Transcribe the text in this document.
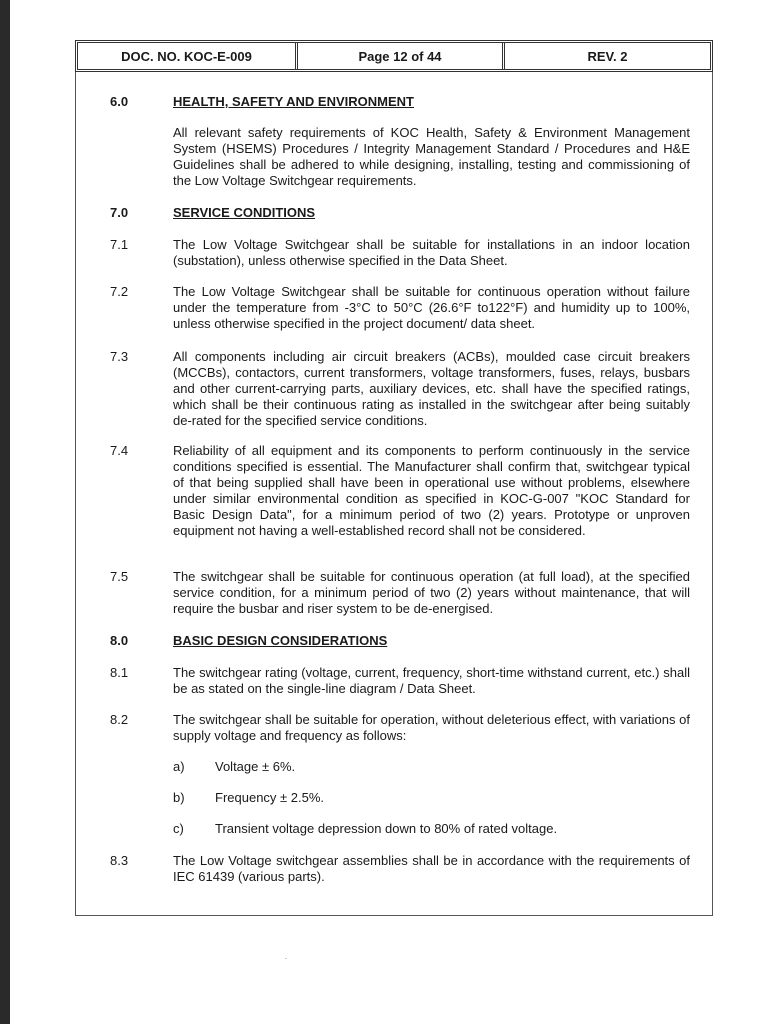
DOC. NO. KOC-E-009	Page 12 of 44	REV. 2
6.0	HEALTH, SAFETY AND ENVIRONMENT
All relevant safety requirements of KOC Health, Safety & Environment Management System (HSEMS) Procedures / Integrity Management Standard / Procedures and H&E Guidelines shall be adhered to while designing, installing, testing and commissioning of the Low Voltage Switchgear requirements.
7.0	SERVICE CONDITIONS
7.1	The Low Voltage Switchgear shall be suitable for installations in an indoor location (substation), unless otherwise specified in the Data Sheet.
7.2	The Low Voltage Switchgear shall be suitable for continuous operation without failure under the temperature from -3°C to 50°C (26.6°F to122°F) and humidity up to 100%, unless otherwise specified in the project document/ data sheet.
7.3	All components including air circuit breakers (ACBs), moulded case circuit breakers (MCCBs), contactors, current transformers, voltage transformers, fuses, relays, busbars and other current-carrying parts, auxiliary devices, etc. shall have the specified ratings, which shall be their continuous rating as installed in the switchgear after being suitably de-rated for the specified service conditions.
7.4	Reliability of all equipment and its components to perform continuously in the service conditions specified is essential. The Manufacturer shall confirm that, switchgear typical of that being supplied shall have been in operational use without problems, elsewhere under similar environmental condition as specified in KOC-G-007 "KOC Standard for Basic Design Data", for a minimum period of two (2) years. Prototype or unproven equipment not having a well-established record shall not be considered.
7.5	The switchgear shall be suitable for continuous operation (at full load), at the specified service condition, for a minimum period of two (2) years without maintenance, that will require the busbar and riser system to be de-energised.
8.0	BASIC DESIGN CONSIDERATIONS
8.1	The switchgear rating (voltage, current, frequency, short-time withstand current, etc.) shall be as stated on the single-line diagram / Data Sheet.
8.2	The switchgear shall be suitable for operation, without deleterious effect, with variations of supply voltage and frequency as follows:
a) Voltage ± 6%.
b) Frequency ± 2.5%.
c) Transient voltage depression down to 80% of rated voltage.
8.3	The Low Voltage switchgear assemblies shall be in accordance with the requirements of IEC 61439 (various parts).
